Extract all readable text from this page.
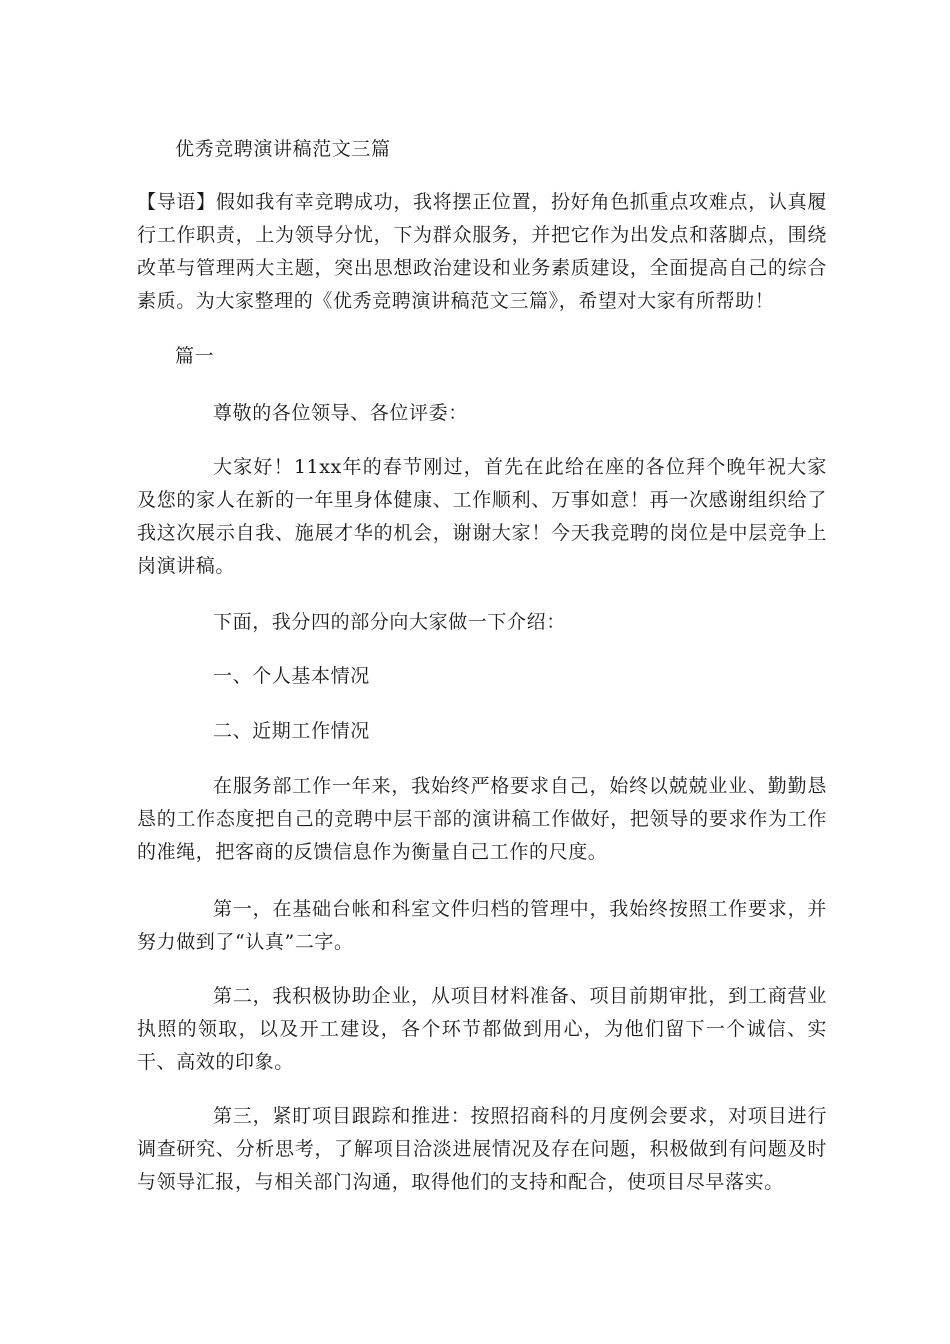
优秀竞聘演讲稿范文三篇
【导语】假如我有幸竞聘成功，我将摆正位置，扮好角色抓重点攻难点，认真履行工作职责，上为领导分忧，下为群众服务，并把它作为出发点和落脚点，围绕改革与管理两大主题，突出思想政治建设和业务素质建设，全面提高自己的综合素质。为大家整理的《优秀竞聘演讲稿范文三篇》，希望对大家有所帮助！
篇一
尊敬的各位领导、各位评委：
大家好！11xx年的春节刚过，首先在此给在座的各位拜个晚年祝大家及您的家人在新的一年里身体健康、工作顺利、万事如意！再一次感谢组织给了我这次展示自我、施展才华的机会，谢谢大家！今天我竞聘的岗位是中层竞争上岗演讲稿。
下面，我分四的部分向大家做一下介绍：
一、个人基本情况
二、近期工作情况
在服务部工作一年来，我始终严格要求自己，始终以兢兢业业、勤勤恳恳的工作态度把自己的竞聘中层干部的演讲稿工作做好，把领导的要求作为工作的准绳，把客商的反馈信息作为衡量自己工作的尺度。
第一，在基础台帐和科室文件归档的管理中，我始终按照工作要求，并努力做到了“认真”二字。
第二，我积极协助企业，从项目材料准备、项目前期审批，到工商营业执照的领取，以及开工建设，各个环节都做到用心，为他们留下一个诚信、实干、高效的印象。
第三，紧盯项目跟踪和推进：按照招商科的月度例会要求，对项目进行调查研究、分析思考，了解项目洽淡进展情况及存在问题，积极做到有问题及时与领导汇报，与相关部门沟通，取得他们的支持和配合，使项目尽早落实。
